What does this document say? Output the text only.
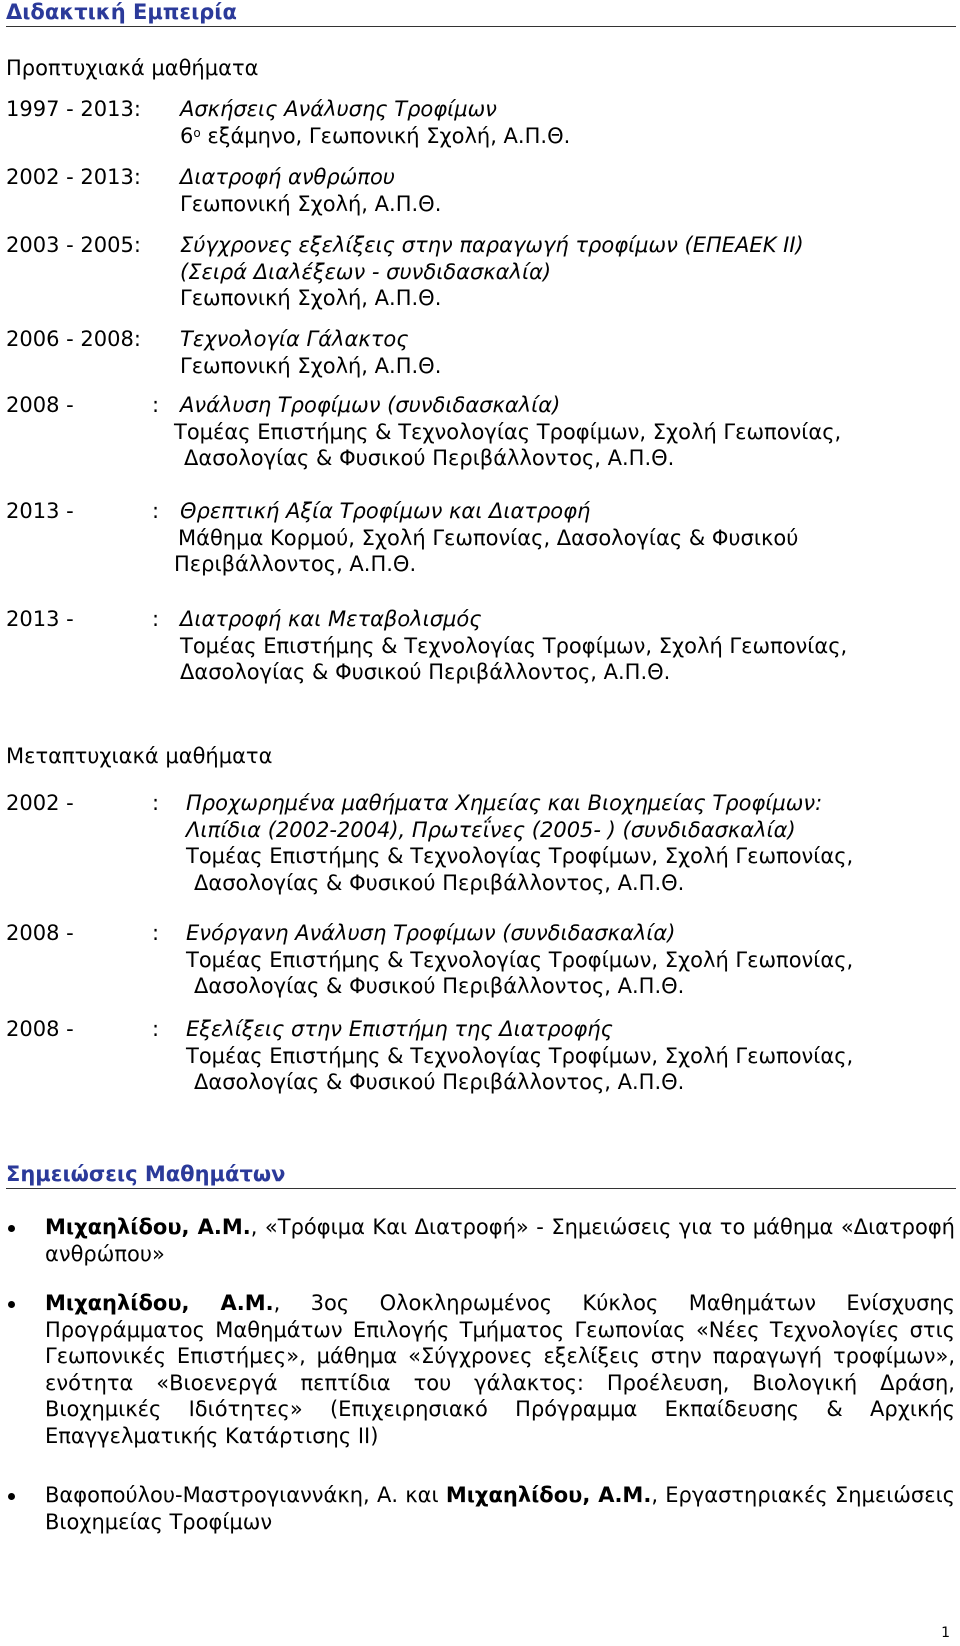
Διδακτική Εμπειρία
Προπτυχιακά μαθήματα
1997 - 2013: Ασκήσεις Ανάλυσης Τροφίμων
$6^o$ εξάμηνο, Γεωπονική Σχολή, Α.Π.Θ.
2002 - 2013: Διατροφή ανθρώπου
Γεωπονική Σχολή, Α.Π.Θ.
2003 - 2005: Σύγχρονες εξελίξεις στην παραγωγή τροφίμων (ΕΠΕΑΕΚ ΙΙ)
(Σειρά Διαλέξεων - συνδιδασκαλία)
Γεωπονική Σχολή, Α.Π.Θ.
2006 - 2008: Τεχνολογία Γάλακτος
Γεωπονική Σχολή, Α.Π.Θ.
2008 -	: Ανάλυση Τροφίμων (συνδιδασκαλία)
Τομέας Επιστήμης & Τεχνολογίας Τροφίμων, Σχολή Γεωπονίας,
Δασολογίας & Φυσικού Περιβάλλοντος, Α.Π.Θ.
2013 -	: Θρεπτική Αξία Τροφίμων και Διατροφή
Μάθημα Κορμού, Σχολή Γεωπονίας, Δασολογίας & Φυσικού
Περιβάλλοντος, Α.Π.Θ.
2013 -	: Διατροφή και Μεταβολισμός
Τομέας Επιστήμης & Τεχνολογίας Τροφίμων, Σχολή Γεωπονίας,
Δασολογίας & Φυσικού Περιβάλλοντος, Α.Π.Θ.
Μεταπτυχιακά μαθήματα
2002 -	: Προχωρημένα μαθήματα Χημείας και Βιοχημείας Τροφίμων:
Λιπίδια (2002-2004), Πρωτεΐνες (2005- ) (συνδιδασκαλία)
Τομέας Επιστήμης & Τεχνολογίας Τροφίμων, Σχολή Γεωπονίας,
Δασολογίας & Φυσικού Περιβάλλοντος, Α.Π.Θ.
2008 -	: Ενόργανη Ανάλυση Τροφίμων (συνδιδασκαλία)
Τομέας Επιστήμης & Τεχνολογίας Τροφίμων, Σχολή Γεωπονίας,
Δασολογίας & Φυσικού Περιβάλλοντος, Α.Π.Θ.
2008 -	: Εξελίξεις στην Επιστήμη της Διατροφής
Τομέας Επιστήμης & Τεχνολογίας Τροφίμων, Σχολή Γεωπονίας,
Δασολογίας & Φυσικού Περιβάλλοντος, Α.Π.Θ.
Σημειώσεις Μαθημάτων
Μιχαηλίδου, Α.Μ., «Τρόφιμα Και Διατροφή» - Σημειώσεις για το μάθημα «Διατροφή ανθρώπου»
Μιχαηλίδου, Α.Μ., 3ος Ολοκληρωμένος Κύκλος Μαθημάτων Ενίσχυσης Προγράμματος Μαθημάτων Επιλογής Τμήματος Γεωπονίας «Νέες Τεχνολογίες στις Γεωπονικές Επιστήμες», μάθημα «Σύγχρονες εξελίξεις στην παραγωγή τροφίμων», ενότητα «Βιοενεργά πεπτίδια του γάλακτος: Προέλευση, Βιολογική Δράση, Βιοχημικές Ιδιότητες» (Επιχειρησιακό Πρόγραμμα Εκπαίδευσης & Αρχικής Επαγγελματικής Κατάρτισης ΙΙ)
Βαφοπούλου-Μαστρογιαννάκη, Α. και Μιχαηλίδου, Α.Μ., Εργαστηριακές Σημειώσεις Βιοχημείας Τροφίμων
1
